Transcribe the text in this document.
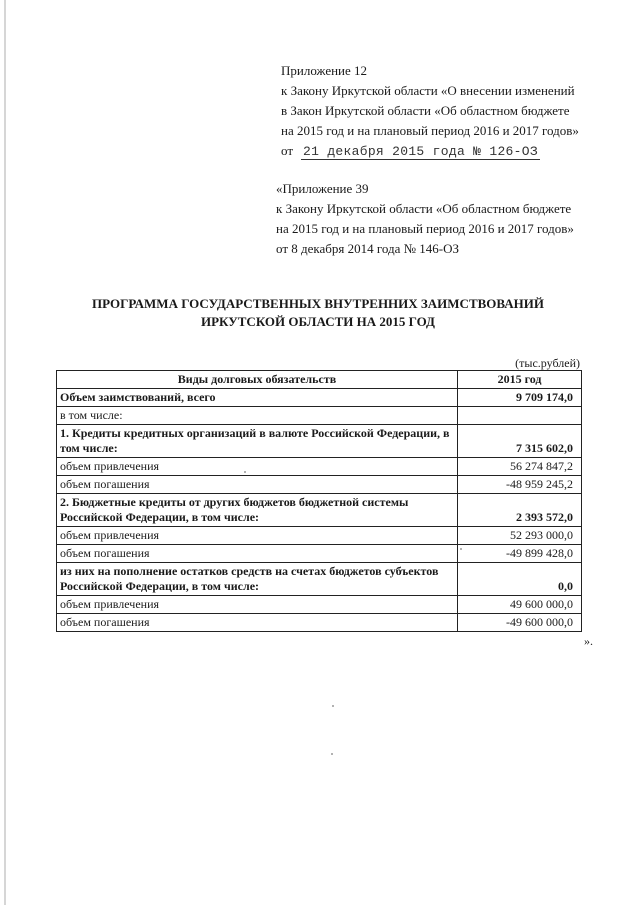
Приложение 12
к Закону Иркутской области «О внесении изменений
в Закон Иркутской области «Об областном бюджете
на 2015 год и на плановый период 2016 и 2017 годов»
от 21 декабря 2015 года № 126-ОЗ
«Приложение 39
к Закону Иркутской области «Об областном бюджете
на 2015 год и на плановый период 2016 и 2017 годов»
от 8 декабря 2014 года № 146-ОЗ
ПРОГРАММА ГОСУДАРСТВЕННЫХ ВНУТРЕННИХ ЗАИМСТВОВАНИЙ
ИРКУТСКОЙ ОБЛАСТИ НА 2015 ГОД
(тыс.рублей)
Виды долговых обязательств	2015 год
Объем заимствований, всего	9 709 174,0
в том числе:	
1. Кредиты кредитных организаций в валюте Российской Федерации, в том числе:	7 315 602,0
объем привлечения	56 274 847,2
объем погашения	-48 959 245,2
2. Бюджетные кредиты от других бюджетов бюджетной системы Российской Федерации, в том числе:	2 393 572,0
объем привлечения	52 293 000,0
объем погашения	-49 899 428,0
из них на пополнение остатков средств на счетах бюджетов субъектов Российской Федерации, в том числе:	0,0
объем привлечения	49 600 000,0
объем погашения	-49 600 000,0
».
